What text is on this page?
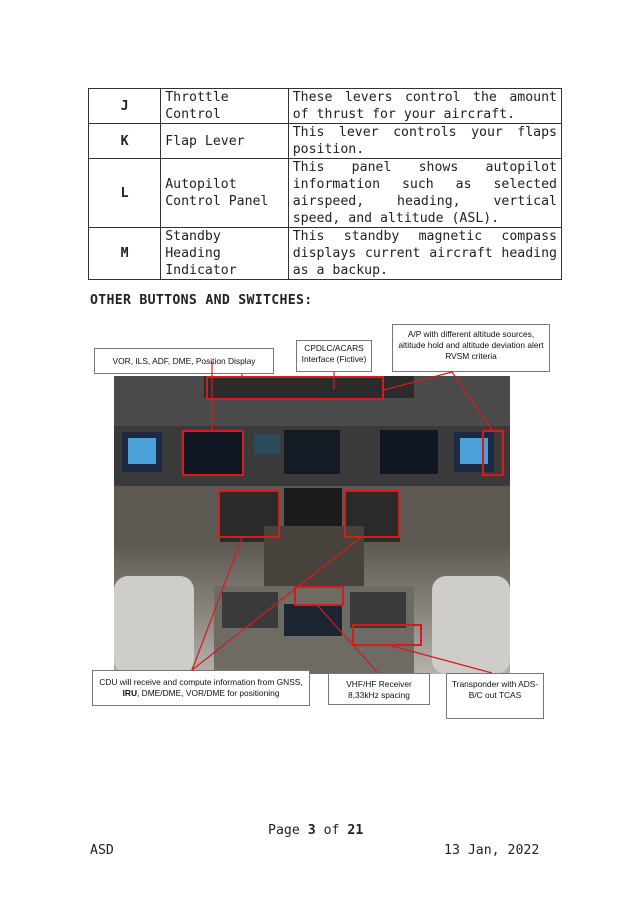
J	Throttle Control	These levers control the amount of thrust for your aircraft.
K	Flap Lever	This lever controls your flaps position.
L	Autopilot Control Panel	This panel shows autopilot information such as selected airspeed, heading, vertical speed, and altitude (ASL).
M	Standby Heading Indicator	This standby magnetic compass displays current aircraft heading as a backup.
OTHER BUTTONS AND SWITCHES:
VOR, ILS, ADF, DME, Position Display
CPDLC/ACARS Interface (Fictive)
A/P with different altitude sources, altitude hold and altitude deviation alert RVSM criteria
CDU will receive and compute information from GNSS, IRU, DME/DME, VOR/DME for positioning
VHF/HF Receiver 8,33kHz spacing
Transponder with ADS-B/C out TCAS
Page 3 of 21
ASD	13 Jan, 2022
